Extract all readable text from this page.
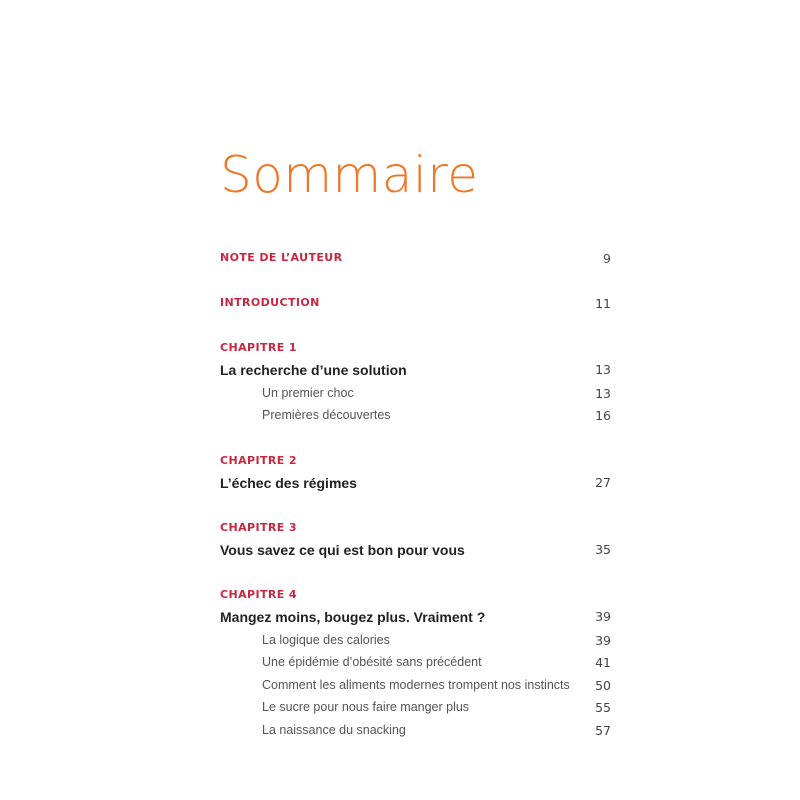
Sommaire
NOTE DE L’AUTEUR	9
INTRODUCTION	11
CHAPITRE 1
La recherche d’une solution	13
Un premier choc	13
Premières découvertes	16
CHAPITRE 2
L’échec des régimes	27
CHAPITRE 3
Vous savez ce qui est bon pour vous	35
CHAPITRE 4
Mangez moins, bougez plus. Vraiment ?	39
La logique des calories	39
Une épidémie d’obésité sans précédent	41
Comment les aliments modernes trompent nos instincts 50
Le sucre pour nous faire manger plus	55
La naissance du snacking	57
